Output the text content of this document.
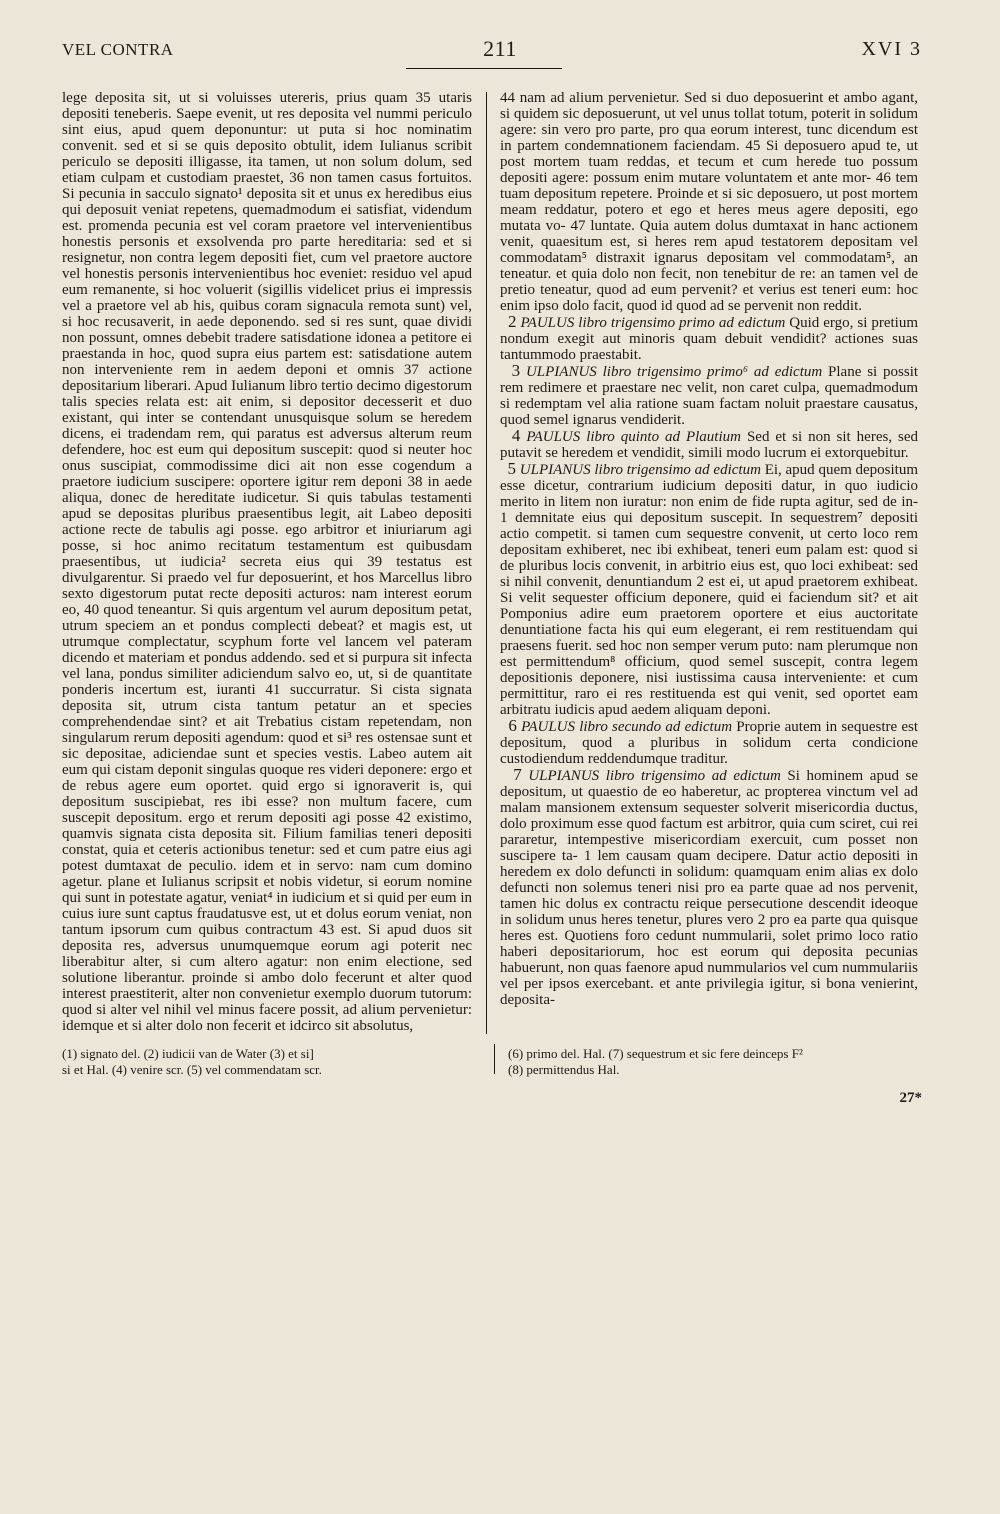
VEL CONTRA	211	XVI 3

lege deposita sit, ut si voluisses utereris, prius quam 35 utaris depositi teneberis. Saepe evenit, ut res deposita vel nummi periculo sint eius, apud quem deponuntur: ut puta si hoc nominatim convenit. sed et si se quis deposito obtulit, idem Iulianus scribit periculo se depositi illigasse, ita tamen, ut non solum dolum, sed etiam culpam et custodiam praestet, 36 non tamen casus fortuitos. Si pecunia in sacculo signato¹ deposita sit et unus ex heredibus eius qui deposuit veniat repetens, quemadmodum ei satisfiat, videndum est. promenda pecunia est vel coram praetore vel intervenientibus honestis personis et exsolvenda pro parte hereditaria: sed et si resignetur, non contra legem depositi fiet, cum vel praetore auctore vel honestis personis intervenientibus hoc eveniet: residuo vel apud eum remanente, si hoc voluerit (sigillis videlicet prius ei impressis vel a praetore vel ab his, quibus coram signacula remota sunt) vel, si hoc recusaverit, in aede deponendo. sed si res sunt, quae dividi non possunt, omnes debebit tradere satisdatione idonea a petitore ei praestanda in hoc, quod supra eius partem est: satisdatione autem non interveniente rem in aedem deponi et omnis 37 actione depositarium liberari. Apud Iulianum libro tertio decimo digestorum talis species relata est: ait enim, si depositor decesserit et duo existant, qui inter se contendant unusquisque solum se heredem dicens, ei tradendam rem, qui paratus est adversus alterum reum defendere, hoc est eum qui depositum suscepit: quod si neuter hoc onus suscipiat, commodissime dici ait non esse cogendum a praetore iudicium suscipere: oportere igitur rem deponi 38 in aede aliqua, donec de hereditate iudicetur. Si quis tabulas testamenti apud se depositas pluribus praesentibus legit, ait Labeo depositi actione recte de tabulis agi posse. ego arbitror et iniuriarum agi posse, si hoc animo recitatum testamentum est quibusdam praesentibus, ut iudicia² secreta eius qui 39 testatus est divulgarentur. Si praedo vel fur deposuerint, et hos Marcellus libro sexto digestorum putat recte depositi acturos: nam interest eorum eo, 40 quod teneantur. Si quis argentum vel aurum depositum petat, utrum speciem an et pondus complecti debeat? et magis est, ut utrumque complectatur, scyphum forte vel lancem vel pateram dicendo et materiam et pondus addendo. sed et si purpura sit infecta vel lana, pondus similiter adiciendum salvo eo, ut, si de quantitate ponderis incertum est, iuranti 41 succurratur. Si cista signata deposita sit, utrum cista tantum petatur an et species comprehendendae sint? et ait Trebatius cistam repetendam, non singularum rerum depositi agendum: quod et si³ res ostensae sunt et sic depositae, adiciendae sunt et species vestis. Labeo autem ait eum qui cistam deponit singulas quoque res videri deponere: ergo et de rebus agere eum oportet. quid ergo si ignoraverit is, qui depositum suscipiebat, res ibi esse? non multum facere, cum suscepit depositum. ergo et rerum depositi agi posse 42 existimo, quamvis signata cista deposita sit. Filium familias teneri depositi constat, quia et ceteris actionibus tenetur: sed et cum patre eius agi potest dumtaxat de peculio. idem et in servo: nam cum domino agetur. plane et Iulianus scripsit et nobis videtur, si eorum nomine qui sunt in potestate agatur, veniat⁴ in iudicium et si quid per eum in cuius iure sunt captus fraudatusve est, ut et dolus eorum veniat, non tantum ipsorum cum quibus contractum 43 est. Si apud duos sit deposita res, adversus unumquemque eorum agi poterit nec liberabitur alter, si cum altero agatur: non enim electione, sed solutione liberantur. proinde si ambo dolo fecerunt et alter quod interest praestiterit, alter non convenietur exemplo duorum tutorum: quod si alter vel nihil vel minus facere possit, ad alium pervenietur: idemque et si alter dolo non fecerit et idcirco sit absolutus,

44 nam ad alium pervenietur. Sed si duo deposuerint et ambo agant, si quidem sic deposuerunt, ut vel unus tollat totum, poterit in solidum agere: sin vero pro parte, pro qua eorum interest, tunc dicendum est in partem condemnationem faciendam. 45 Si deposuero apud te, ut post mortem tuam reddas, et tecum et cum herede tuo possum depositi agere: possum enim mutare voluntatem et ante mor- 46 tem tuam depositum repetere. Proinde et si sic deposuero, ut post mortem meam reddatur, potero et ego et heres meus agere depositi, ego mutata vo- 47 luntate. Quia autem dolus dumtaxat in hanc actionem venit, quaesitum est, si heres rem apud testatorem depositam vel commodatam⁵ distraxit ignarus depositam vel commodatam⁵, an teneatur. et quia dolo non fecit, non tenebitur de re: an tamen vel de pretio teneatur, quod ad eum pervenit? et verius est teneri eum: hoc enim ipso dolo facit, quod id quod ad se pervenit non reddit.

2 PAULUS libro trigensimo primo ad edictum Quid ergo, si pretium nondum exegit aut minoris quam debuit vendidit? actiones suas tantummodo praestabit.

3 ULPIANUS libro trigensimo primo⁶ ad edictum Plane si possit rem redimere et praestare nec velit, non caret culpa, quemadmodum si redemptam vel alia ratione suam factam noluit praestare causatus, quod semel ignarus vendiderit.

4 PAULUS libro quinto ad Plautium Sed et si non sit heres, sed putavit se heredem et vendidit, simili modo lucrum ei extorquebitur.

5 ULPIANUS libro trigensimo ad edictum Ei, apud quem depositum esse dicetur, contrarium iudicium depositi datur, in quo iudicio merito in litem non iuratur: non enim de fide rupta agitur, sed de in- 1 demnitate eius qui depositum suscepit. In sequestrem⁷ depositi actio competit. si tamen cum sequestre convenit, ut certo loco rem depositam exhiberet, nec ibi exhibeat, teneri eum palam est: quod si de pluribus locis convenit, in arbitrio eius est, quo loci exhibeat: sed si nihil convenit, denuntiandum 2 est ei, ut apud praetorem exhibeat. Si velit sequester officium deponere, quid ei faciendum sit? et ait Pomponius adire eum praetorem oportere et eius auctoritate denuntiatione facta his qui eum elegerant, ei rem restituendam qui praesens fuerit. sed hoc non semper verum puto: nam plerumque non est permittendum⁸ officium, quod semel suscepit, contra legem depositionis deponere, nisi iustissima causa interveniente: et cum permittitur, raro ei res restituenda est qui venit, sed oportet eam arbitratu iudicis apud aedem aliquam deponi.

6 PAULUS libro secundo ad edictum Proprie autem in sequestre est depositum, quod a pluribus in solidum certa condicione custodiendum reddendumque traditur.

7 ULPIANUS libro trigensimo ad edictum Si hominem apud se depositum, ut quaestio de eo haberetur, ac propterea vinctum vel ad malam mansionem extensum sequester solverit misericordia ductus, dolo proximum esse quod factum est arbitror, quia cum sciret, cui rei pararetur, intempestive misericordiam exercuit, cum posset non suscipere ta- 1 lem causam quam decipere. Datur actio depositi in heredem ex dolo defuncti in solidum: quamquam enim alias ex dolo defuncti non solemus teneri nisi pro ea parte quae ad nos pervenit, tamen hic dolus ex contractu reique persecutione descendit ideoque in solidum unus heres tenetur, plures vero 2 pro ea parte qua quisque heres est. Quotiens foro cedunt nummularii, solet primo loco ratio haberi depositariorum, hoc est eorum qui deposita pecunias habuerunt, non quas faenore apud nummularios vel cum nummulariis vel per ipsos exercebant. et ante privilegia igitur, si bona venierint, deposita-

(1) signato del. (2) iudicii van de Water (3) et si]

si et Hal. (4) venire scr. (5) vel commendatam scr.

(6) primo del. Hal. (7) sequestrum et sic fere deinceps F²

(8) permittendus Hal.

27*
